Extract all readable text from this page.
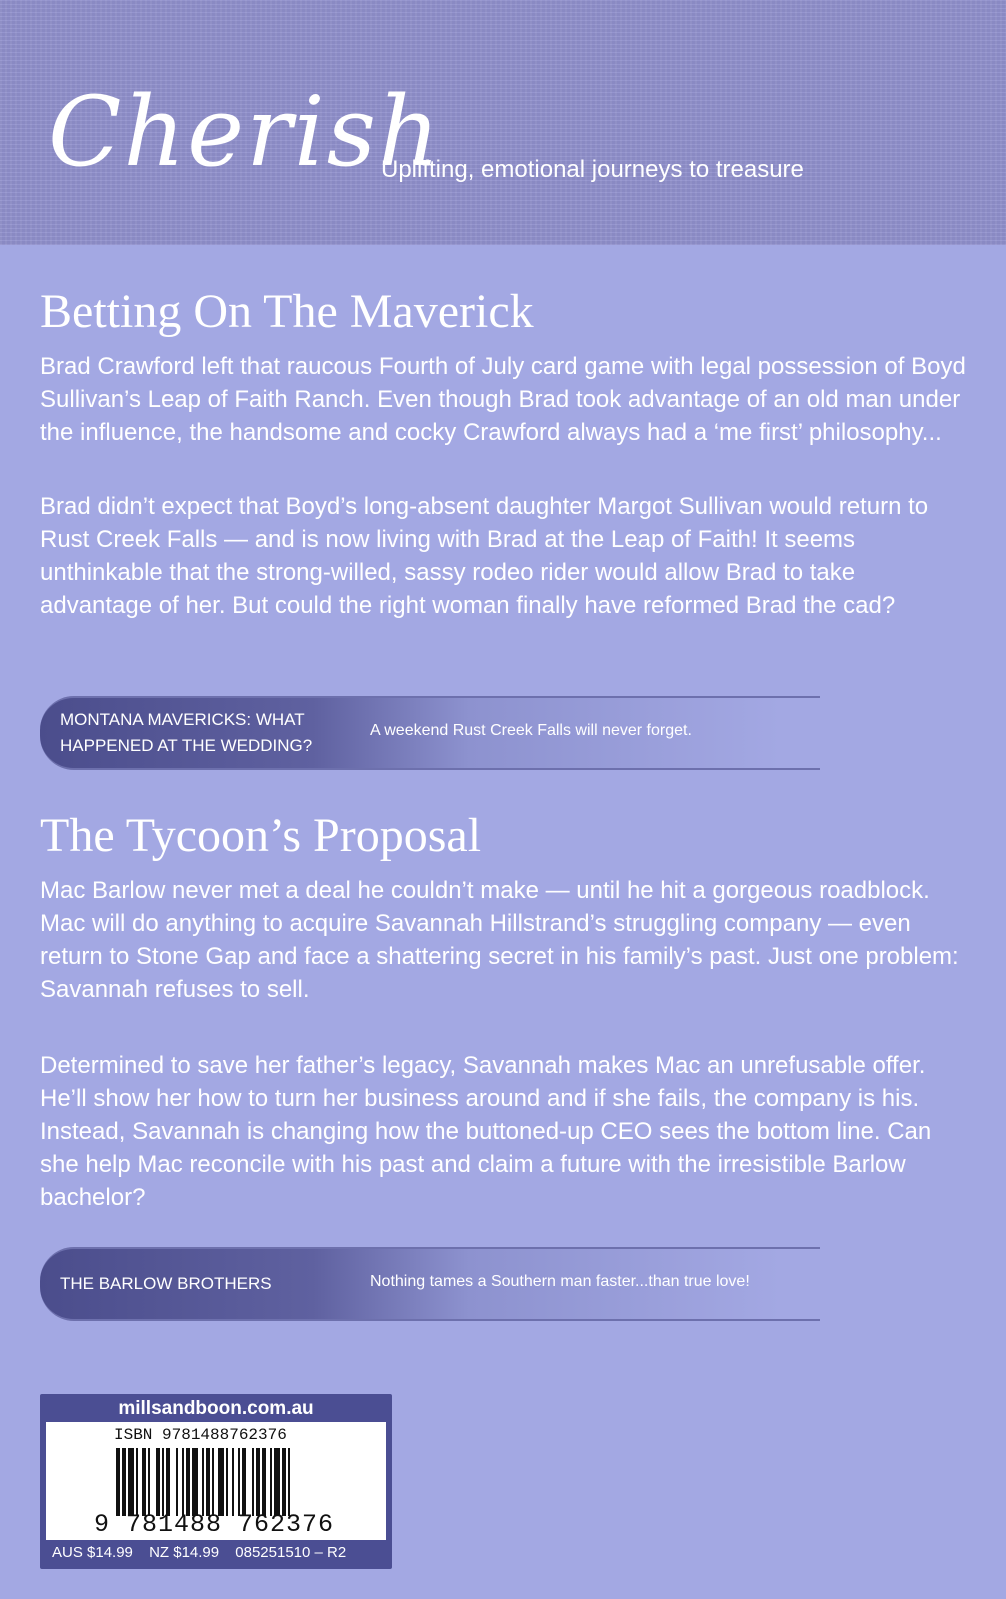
Cherish
Uplifting, emotional journeys to treasure
Betting On The Maverick

Brad Crawford left that raucous Fourth of July card game with legal possession of Boyd Sullivan’s Leap of Faith Ranch. Even though Brad took advantage of an old man under the influence, the handsome and cocky Crawford always had a ‘me first’ philosophy...

Brad didn’t expect that Boyd’s long-absent daughter Margot Sullivan would return to Rust Creek Falls — and is now living with Brad at the Leap of Faith! It seems unthinkable that the strong-willed, sassy rodeo rider would allow Brad to take advantage of her. But could the right woman finally have reformed Brad the cad?

MONTANA MAVERICKS: WHAT HAPPENED AT THE WEDDING?
A weekend Rust Creek Falls will never forget.
The Tycoon’s Proposal

Mac Barlow never met a deal he couldn’t make — until he hit a gorgeous roadblock. Mac will do anything to acquire Savannah Hillstrand’s struggling company — even return to Stone Gap and face a shattering secret in his family’s past. Just one problem: Savannah refuses to sell.

Determined to save her father’s legacy, Savannah makes Mac an unrefusable offer. He’ll show her how to turn her business around and if she fails, the company is his. Instead, Savannah is changing how the buttoned-up CEO sees the bottom line. Can she help Mac reconcile with his past and claim a future with the irresistible Barlow bachelor?

THE BARLOW BROTHERS	Nothing tames a Southern man faster...than true love!
millsandboon.com.au
ISBN 9781488762376
9 781488 762376
AUS $14.99 NZ $14.99 085251510 – R2
